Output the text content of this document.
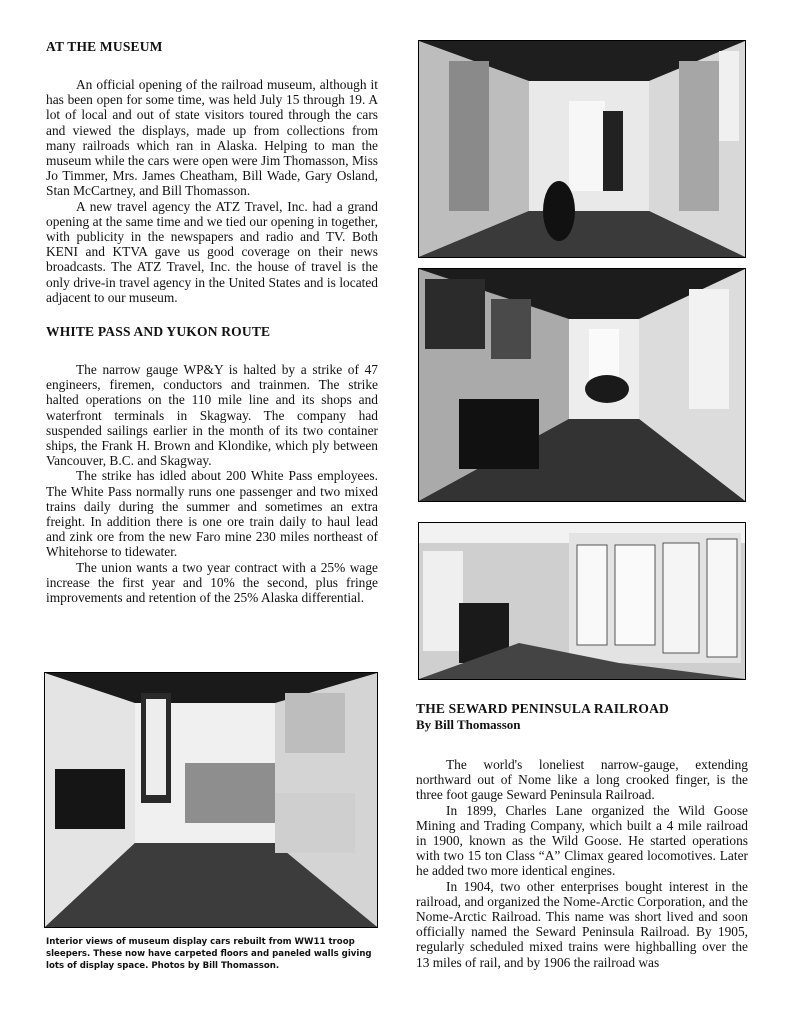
AT THE MUSEUM

An official opening of the railroad museum, although it has been open for some time, was held July 15 through 19. A lot of local and out of state visitors toured through the cars and viewed the displays, made up from collections from many railroads which ran in Alaska. Helping to man the museum while the cars were open were Jim Thomasson, Miss Jo Timmer, Mrs. James Cheatham, Bill Wade, Gary Osland, Stan McCartney, and Bill Thomasson.

A new travel agency the ATZ Travel, Inc. had a grand opening at the same time and we tied our opening in together, with publicity in the newspapers and radio and TV. Both KENI and KTVA gave us good coverage on their news broadcasts. The ATZ Travel, Inc. the house of travel is the only drive-in travel agency in the United States and is located adjacent to our museum.

WHITE PASS AND YUKON ROUTE

The narrow gauge WP&Y is halted by a strike of 47 engineers, firemen, conductors and trainmen. The strike halted operations on the 110 mile line and its shops and waterfront terminals in Skagway. The company had suspended sailings earlier in the month of its two container ships, the Frank H. Brown and Klondike, which ply between Vancouver, B.C. and Skagway.

The strike has idled about 200 White Pass employees. The White Pass normally runs one passenger and two mixed trains daily during the summer and sometimes an extra freight. In addition there is one ore train daily to haul lead and zink ore from the new Faro mine 230 miles northeast of Whitehorse to tidewater.

The union wants a two year contract with a 25% wage increase the first year and 10% the second, plus fringe improvements and retention of the 25% Alaska differential.

Interior views of museum display cars rebuilt from WW11 troop sleepers. These now have carpeted floors and paneled walls giving lots of display space. Photos by Bill Thomasson.
THE SEWARD PENINSULA RAILROAD
By Bill Thomasson

The world's loneliest narrow-gauge, extending northward out of Nome like a long crooked finger, is the three foot gauge Seward Peninsula Railroad.

In 1899, Charles Lane organized the Wild Goose Mining and Trading Company, which built a 4 mile railroad in 1900, known as the Wild Goose. He started operations with two 15 ton Class “A” Climax geared locomotives. Later he added two more identical engines.

In 1904, two other enterprises bought interest in the railroad, and organized the Nome-Arctic Corporation, and the Nome-Arctic Railroad. This name was short lived and soon officially named the Seward Peninsula Railroad. By 1905, regularly scheduled mixed trains were highballing over the 13 miles of rail, and by 1906 the railroad was
